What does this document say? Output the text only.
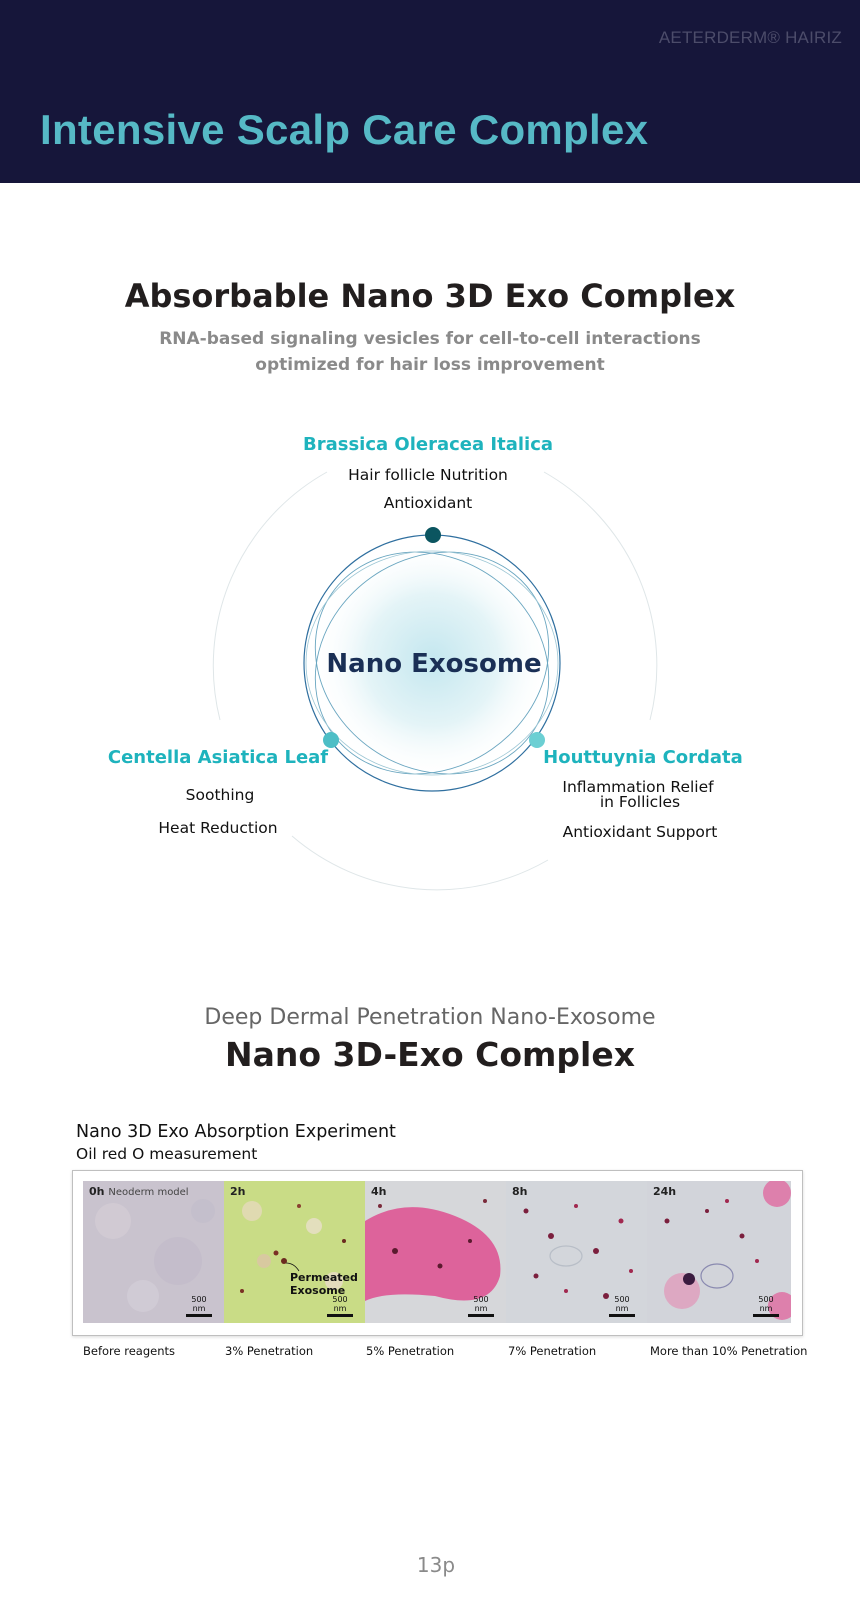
AETERDERM® HAIRIZ
Intensive Scalp Care Complex
Absorbable Nano 3D Exo Complex
RNA-based signaling vesicles for cell-to-cell interactions
optimized for hair loss improvement
Nano Exosome
Brassica Oleracea Italica
Hair follicle Nutrition
Antioxidant
Centella Asiatica Leaf
Soothing
Heat Reduction
Houttuynia Cordata
Inflammation Relief
in Follicles
Antioxidant Support
Deep Dermal Penetration Nano-Exosome
Nano 3D-Exo Complex
Nano 3D Exo Absorption Experiment
Oil red O measurement
0h Neoderm model
500 nm
2h
Permeated
Exosome
500 nm
4h
500 nm
8h
500 nm
24h
500 nm
Before reagents	3% Penetration	5% Penetration	7% Penetration	More than 10% Penetration
13p
